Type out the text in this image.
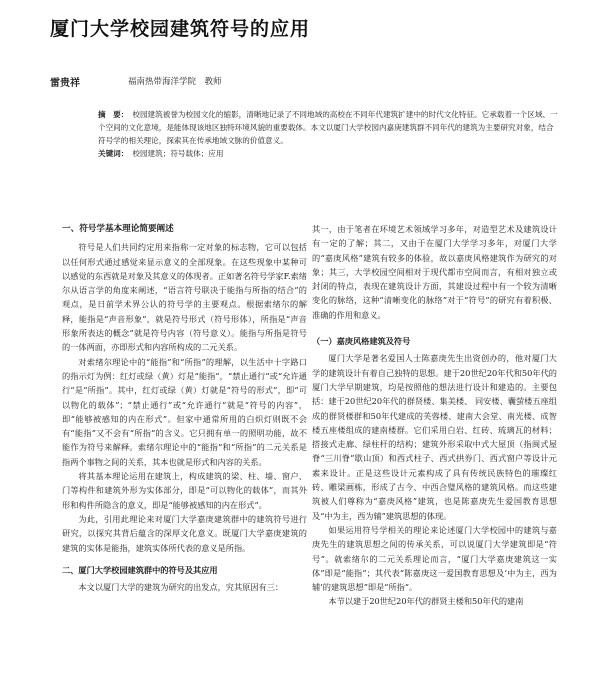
厦门大学校园建筑符号的应用
雷贵祥	福南热带海洋学院　教师

摘　要： 校园建筑被誉为校园文化的缩影，清晰地记录了不同地域的高校在不同年代建筑扩建中的时代文化特征。它承载着一个区域、一个空间的文化意境，是能体现该地区独特环境风貌的重要载体。本文以厦门大学校园内嘉庚建筑群不同年代的建筑为主要研究对象，结合符号学的相关理论，探索其在传承地域文脉的价值意义。

关键词： 校园建筑；符号载体；应用

一、符号学基本理论简要阐述

符号是人们共同约定用来指称一定对象的标志物，它可以包括以任何形式通过感觉来显示意义的全部现象。在这些现象中某种可以感觉的东西就是对象及其意义的体现者。正如著名符号学家F.索绪尔从语言学的角度来阐述，“语言符号联决于能指与所指的结合”的观点，是日前学术界公认的符号学的主要观点。根据索绪尔的解释，能指是“声音形象”，就是符号形式（符号形体），所指是“声音形象所表达的概念”就是符号内容（符号意义）。能指与所指是符号的一体两面，亦即形式和内容所构成的二元关系。

对索绪尔理论中的“能指”和“所指”的理解，以生活中十字路口的指示灯为例：红灯或绿（黄）灯是“能指”，“禁止通行”或“允许通行”是“所指”。其中，红灯或绿（黄）灯就是“符号的形式”，即“可以物化的载体”；“禁止通行”或“允许通行”就是“符号的内容”，即“能够被感知的内在形式”。但家中通常所用的白炽灯则既不会有“能指”又不会有“所指”的含义。它只拥有单一的照明功能，故不能作为符号来解释。索绪尔理论中的“能指”和“所指”的二元关系是指两个事物之间的关系，其本也就是形式和内容的关系。

将其基本理论运用在建筑上，构成建筑的梁、柱、墙、窗户、门等构件和建筑外形为实体部分，即是“可以物化的载体”，而其外形和构件所隐含的意义，即是“能够被感知的内在形式”。

为此，引用此理论来对厦门大学嘉庚建筑群中的建筑符号进行研究，以探究其背后蕴含的深厚文化意义。既厦门大学嘉庚建筑的建筑的实体是能指，建筑实体所代表的意义是所指。

二、厦门大学校园建筑群中的符号及其应用

本文以厦门大学的建筑为研究的出发点，究其原因有三：

其一，由于笔者在环境艺术领域学习多年，对造型艺术及建筑设计有一定的了解；其二，又由于在厦门大学学习多年，对厦门大学的“嘉庚风格”建筑有较多的体验，故以嘉庚风格建筑作为研究的对象；其三，大学校园空间相对于现代都市空间而言，有相对独立或封闭的特点，表现在建筑设计方面，其建设过程中有一个较为清晰变化的脉络，这种“清晰变化的脉络”对于“符号”的研究有着积极、准确的作用和意义。

（一）嘉庚风格建筑及符号

厦门大学是著名爱国人士陈嘉庚先生出资创办的，他对厦门大学的建筑设计有着自己独特的思想。建于20世纪20年代和50年代的厦门大学早期建筑，均是按照他的想法进行设计和建造的。主要包括：建于20世纪20年代的群贤楼、集美楼、 同安楼、囊萤楼五座组成的群贤楼群和50年代建成的芙蓉楼、建南大会堂、南光楼、成智楼五座楼组成的建南楼群。它们采用白岩、红砖、琉璃瓦的材料；搭接式走廊、绿柱杆的结构；建筑外形采取中式大屋顶（指闽式屋脊“三川脊”歇山顶）和西式柱子、西式拱券门、西式窗户等设计元素来设计。正是这些设计元素构成了具有传统民族特色的璀璨红砖、雕梁画栋，形成了古今、中西合璧风格的建筑风格。而这些建筑被人们尊称为“嘉庚风格”建筑，也是陈嘉庚先生爱国教育思想及“中为主，西为辅”建筑思想的体现。

如果运用符号学相关的理论来论述厦门大学校园中的建筑与嘉庚先生的建筑思想之间的传承关系，可以说厦门大学建筑即是“符号”。就索绪尔的二元关系理论而言，“厦门大学嘉庚建筑这一实体”即是“能指”；其代表“陈嘉庚这一爱国教育思想及‘中为主，西为辅’的建筑思想”即是“所指”。

本节以建于20世纪20年代的群贤主楼和50年代的建南
